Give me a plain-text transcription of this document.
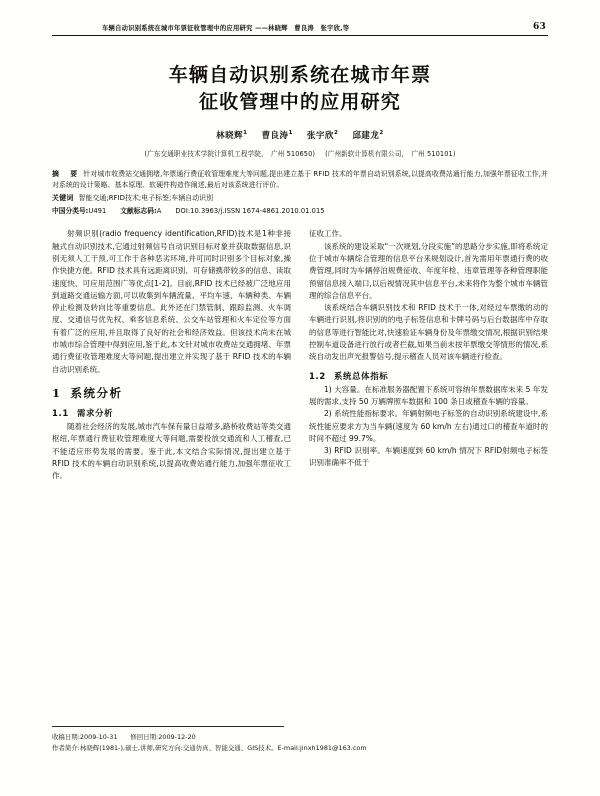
车辆自动识别系统在城市年票征收管理中的应用研究 ——林晓辉　曹良涛　张宇欣,等	63
车辆自动识别系统在城市年票
征收管理中的应用研究
林晓辉$^1$ 曹良涛$^1$ 张宇欣$^2$ 邱建龙$^2$
(广东交通职业技术学院计算机工程学院，　广州 510650) (广州新软计算机有限公司，　广州 510101)

摘　要 针对城市收费站交通拥堵,年票通行费征收管理难度大等问题,提出建立基于 RFID 技术的年票自动识别系统,以提高收费站通行能力,加强年票征收工作,并对系统的设计策略、基本原理、软硬件构造作阐述,最后对该系统进行评价。

关键词 智能交通;RFID技术;电子标签;车辆自动识别

中国分类号:U491 文献标志码:A DOI:10.3963/j.ISSN 1674-4861.2010.01.015

射频识别(radio frequency identification,RFID)技术是1种非接触式自动识别技术,它通过射频信号自动识别目标对象并获取数据信息,识别无须人工干预,可工作于各种恶劣环境,并可同时识别多个目标对象,操作快捷方便。RFID 技术具有远距离识别、可存储携带较多的信息、读取速度快、可应用范围广等优点[1-2]。目前,RFID 技术已经被广泛地应用到道路交通运输方面,可以收集到车辆流量、平均车速、车辆种类、车辆停止检测及转向比等重要信息。此外还在门禁管制、跟踪监测、火车调度、交通信号优先权、乘客信息系统、公交车站管理和火车定位等方面有着广泛的应用,并且取得了良好的社会和经济效益。但该技术尚未在城市城市综合管理中得到应用,鉴于此,本文针对城市收费站交通拥堵、年票通行费征收管理难度大等问题,提出建立并实现了基于 RFID 技术的车辆自动识别系统。

1 系统分析
1.1 需求分析

随着社会经济的发展,城市汽车保有量日益增多,路桥收费站等类交通枢纽,年票通行费征收管理难度大等问题,需要投放交通流和人工稽查,已不能适应形势发展的需要。鉴于此,本文结合实际情况,提出建立基于 RFID 技术的车辆自动识别系统,以提高收费站通行能力,加强年票征收工作。

征收工作。

该系统的建设采取“一次规划,分段实施”的思路分步实施,即将系统定位于城市车辆综合管理的信息平台来规划设计,首先需用年票通行费的收费管理,同时为车辆停泊规费征收、年度年检、违章管理等各种管理职能预留信息接入端口,以后视情况其中信息平台,未来将作为整个城市车辆管理的综合信息平台。

该系统结合车辆识别技术和 RFID 技术于一体,对经过车票缴的动的车辆进行识别,将识别的的电子标签信息和卡牌号码与后台数据库中存取的信息等进行智能比对,快速验证车辆身份及年票缴交情况,根据识别结果控制车道设备进行放行或者拦截,如果当前未按年票缴交等情形的情况,系统自动发出声光报警信号,提示稽查人员对该车辆进行检查。

1.2 系统总体指标

1) 大容量。在标准服务器配置下系统可容纳年票数据库未来 5 年发展的需求,支持 50 万辆牌照车数据和 100 条日或稽查车辆的容量。

2) 系统性能指标要求。年辆射频电子标签的自动识别系统建设中,系统性能应要求方为当车辆(速度为 60 km/h 左右)通过口的稽查车道时的时间不超过 99.7%。

3) RFID 识别率。车辆速度到 60 km/h 情况下 RFID射频电子标签识别准确率不低于

收稿日期:2009-10-31　　修回日期:2009-12-20
作者简介:林晓辉(1981-),硕士,讲师,研究方向:交通仿真、智能交通、GIS技术。E-mail:jinxh1981@163.com
